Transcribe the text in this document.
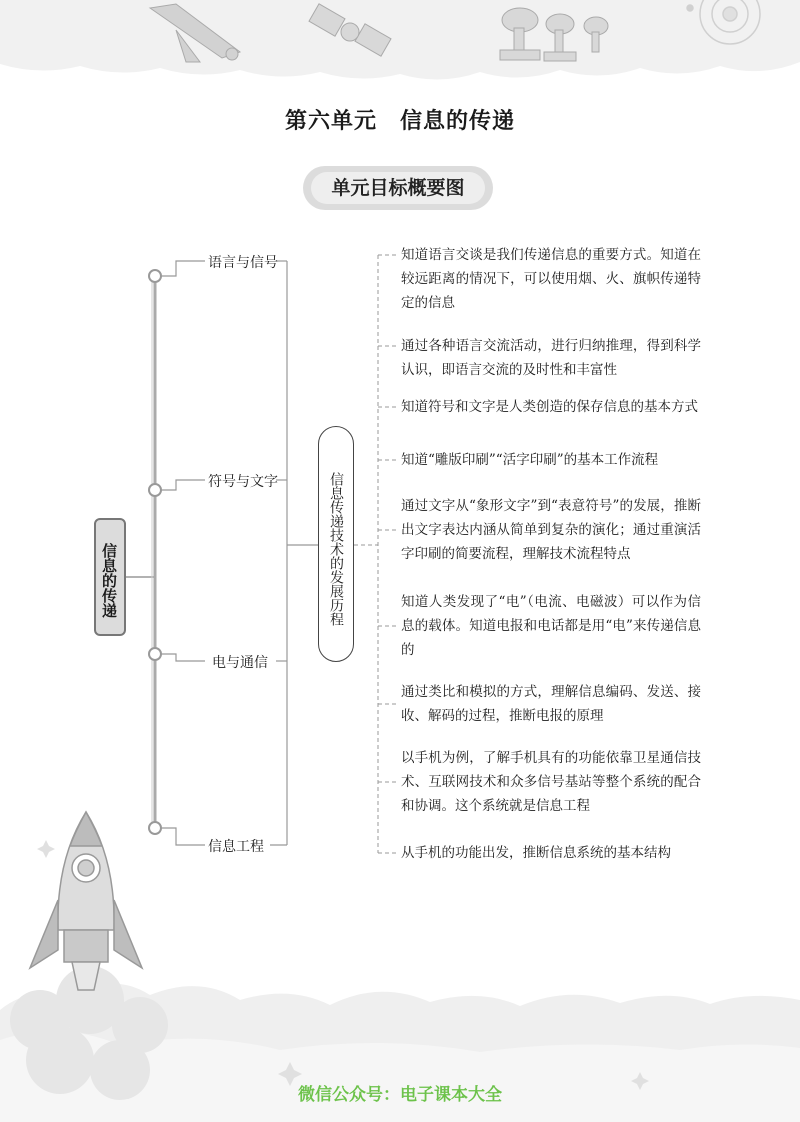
第六单元　信息的传递
单元目标概要图
信息的传递
语言与信号
符号与文字
电与通信
信息工程
信息传递技术的发展历程
知道语言交谈是我们传递信息的重要方式。知道在较远距离的情况下，可以使用烟、火、旗帜传递特定的信息
通过各种语言交流活动，进行归纳推理，得到科学认识，即语言交流的及时性和丰富性
知道符号和文字是人类创造的保存信息的基本方式
知道“雕版印刷”“活字印刷”的基本工作流程
通过文字从“象形文字”到“表意符号”的发展，推断出文字表达内涵从简单到复杂的演化；通过重演活字印刷的简要流程，理解技术流程特点
知道人类发现了“电”（电流、电磁波）可以作为信息的载体。知道电报和电话都是用“电”来传递信息的
通过类比和模拟的方式，理解信息编码、发送、接收、解码的过程，推断电报的原理
以手机为例，了解手机具有的功能依靠卫星通信技术、互联网技术和众多信号基站等整个系统的配合和协调。这个系统就是信息工程
从手机的功能出发，推断信息系统的基本结构
微信公众号：电子课本大全
